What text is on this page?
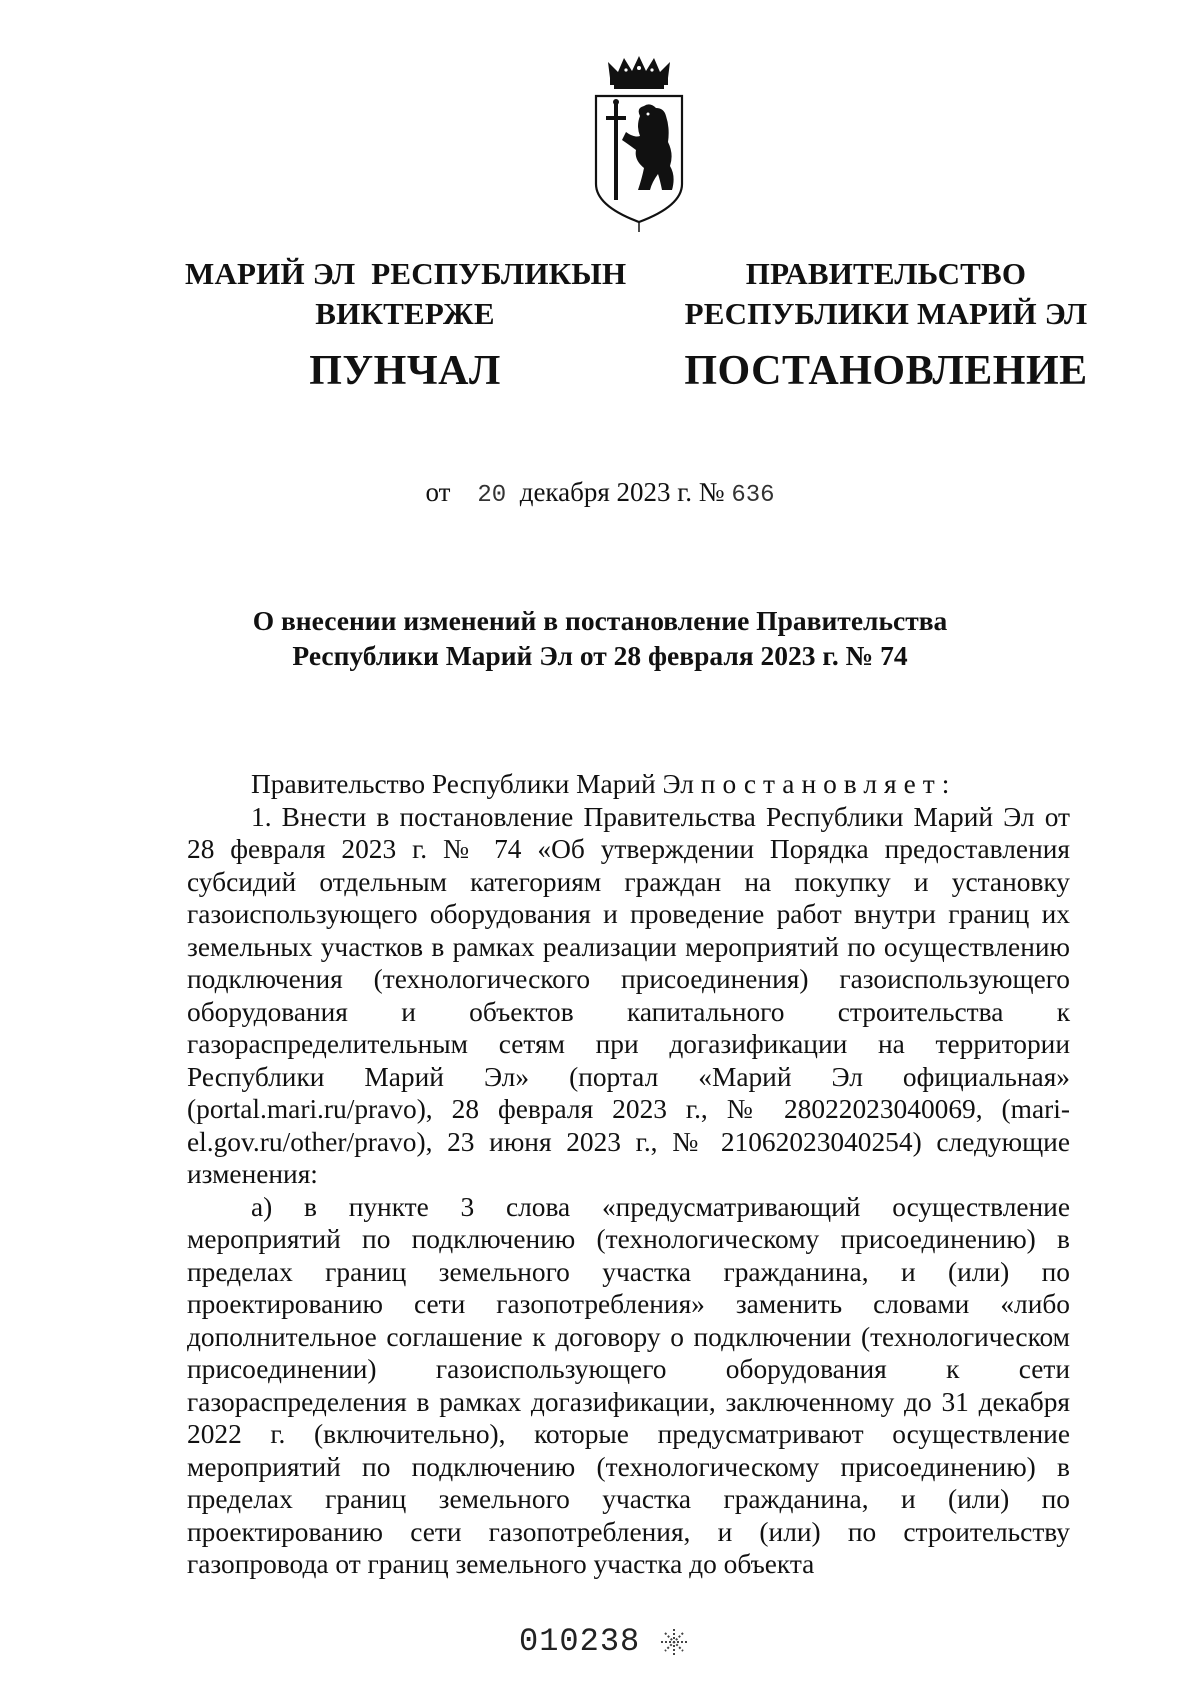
МАРИЙ ЭЛ  РЕСПУБЛИКЫН
ВИКТЕРЖЕ
ПУНЧАЛ
ПРАВИТЕЛЬСТВО
РЕСПУБЛИКИ МАРИЙ ЭЛ
ПОСТАНОВЛЕНИЕ
от 20 декабря 2023 г. № 636
О внесении изменений в постановление Правительства
Республики Марий Эл от 28 февраля 2023 г. № 74

Правительство Республики Марий Эл постановляет:

1. Внести в постановление Правительства Республики Марий Эл от 28 февраля 2023 г. № 74 «Об утверждении Порядка предоставления субсидий отдельным категориям граждан на покупку и установку газоиспользующего оборудования и проведение работ внутри границ их земельных участков в рамках реализации мероприятий по осуществлению подключения (технологического присоединения) газоиспользующего оборудования и объектов капитального строительства к газораспределительным сетям при догазификации на территории Республики Марий Эл» (портал «Марий Эл официальная» (portal.mari.ru/pravo), 28 февраля 2023 г., № 28022023040069, (mari-el.gov.ru/other/pravo), 23 июня 2023 г., № 21062023040254) следующие изменения:

а) в пункте 3 слова «предусматривающий осуществление мероприятий по подключению (технологическому присоединению) в пределах границ земельного участка гражданина, и (или) по проектированию сети газопотребления» заменить словами «либо дополнительное соглашение к договору о подключении (технологическом присоединении) газоиспользующего оборудования к сети газораспределения в рамках догазификации, заключенному до 31 декабря 2022 г. (включительно), которые предусматривают осуществление мероприятий по подключению (технологическому присоединению) в пределах границ земельного участка гражданина, и (или) по проектированию сети газопотребления, и (или) по строительству газопровода от границ земельного участка до объекта

010238
